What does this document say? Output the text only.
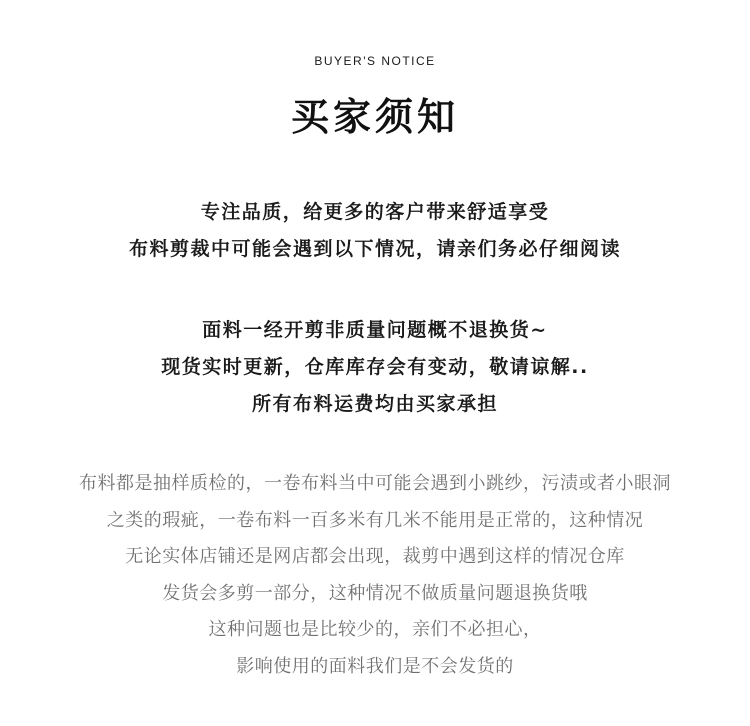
BUYER'S NOTICE
买家须知
专注品质，给更多的客户带来舒适享受
布料剪裁中可能会遇到以下情况，请亲们务必仔细阅读
面料一经开剪非质量问题概不退换货~
现货实时更新，仓库库存会有变动，敬请谅解..
所有布料运费均由买家承担
布料都是抽样质检的，一卷布料当中可能会遇到小跳纱，污渍或者小眼洞
之类的瑕疵，一卷布料一百多米有几米不能用是正常的，这种情况
无论实体店铺还是网店都会出现，裁剪中遇到这样的情况仓库
发货会多剪一部分，这种情况不做质量问题退换货哦
这种问题也是比较少的，亲们不必担心，
影响使用的面料我们是不会发货的
